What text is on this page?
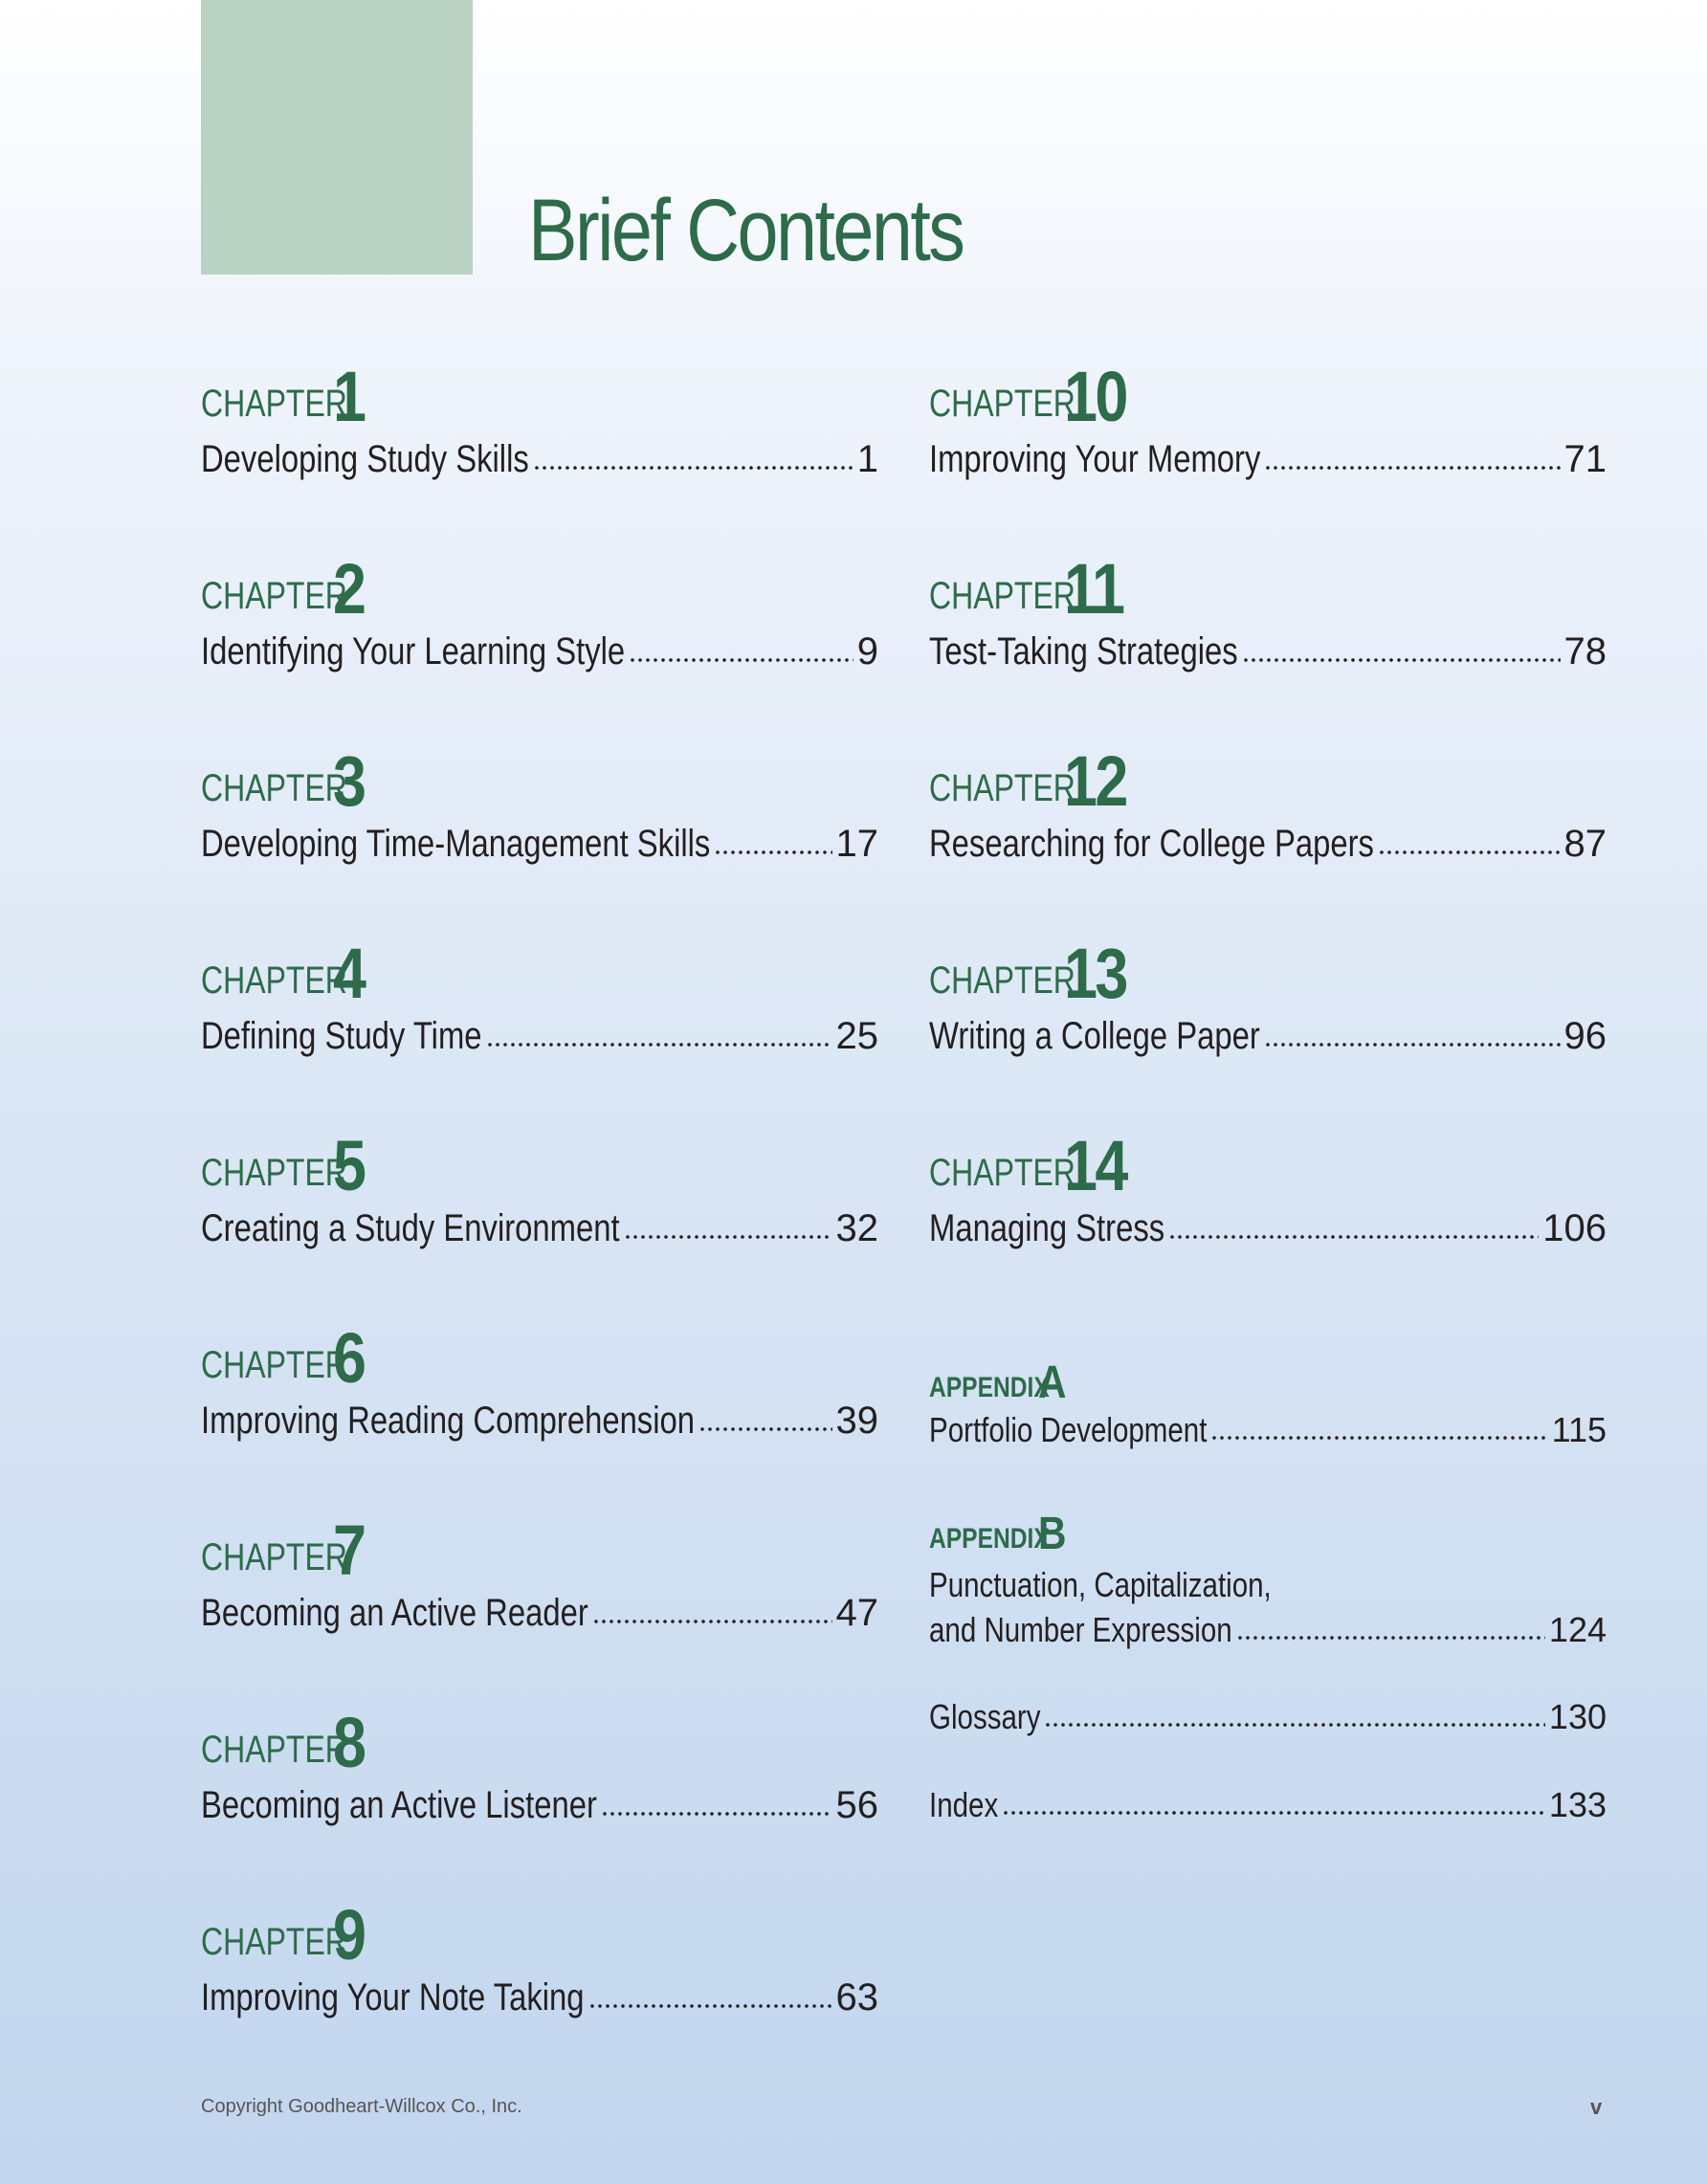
Brief Contents
CHAPTER
1
Developing Study Skills	1
CHAPTER
2
Identifying Your Learning Style	9
CHAPTER
3
Developing Time-Management Skills	17
CHAPTER
4
Defining Study Time	25
CHAPTER
5
Creating a Study Environment	32
CHAPTER
6
Improving Reading Comprehension	39
CHAPTER
7
Becoming an Active Reader	47
CHAPTER
8
Becoming an Active Listener	56
CHAPTER
9
Improving Your Note Taking	63
CHAPTER
10
Improving Your Memory	71
CHAPTER
11
Test-Taking Strategies	78
CHAPTER
12
Researching for College Papers	87
CHAPTER
13
Writing a College Paper	96
CHAPTER
14
Managing Stress	106
APPENDIX
A
Portfolio Development	115
APPENDIX
B
Punctuation, Capitalization,
and Number Expression	124
Glossary	130
Index	133
Copyright Goodheart-Willcox Co., Inc.	v
